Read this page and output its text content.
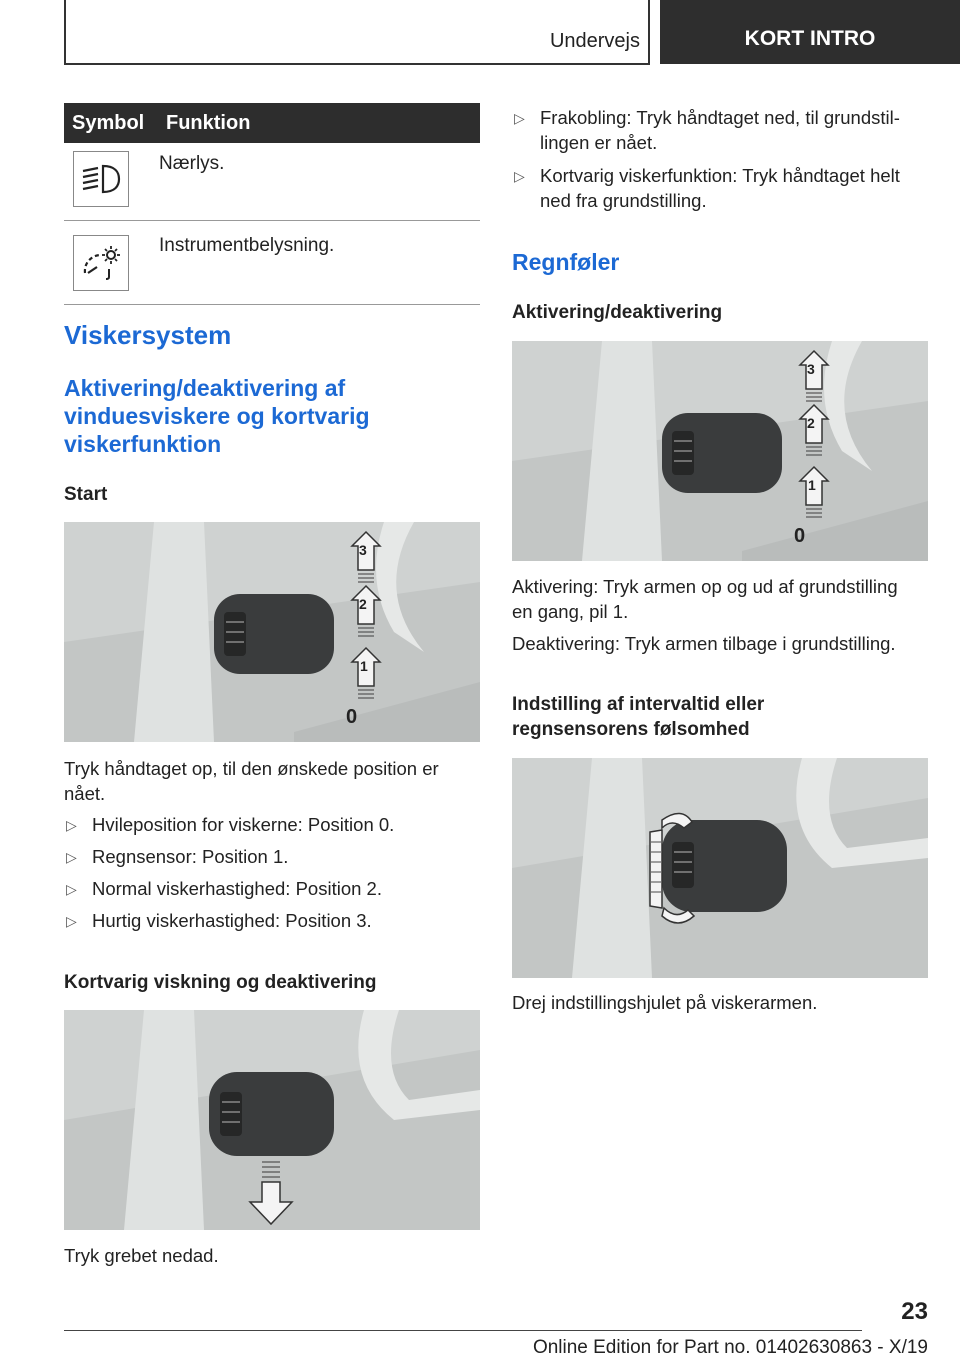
Undervejs	KORT INTRO
Symbol	Funktion

	Nærlys.

	Instrumentbelysning.
Viskersystem
Aktivering/deaktivering af
vinduesviskere og kortvarig
viskerfunktion
Start
3
2
1
0
Tryk håndtaget op, til den ønskede position er
nået.
▷ Hvileposition for viskerne: Position 0.
▷ Regnsensor: Position 1.
▷ Normal viskerhastighed: Position 2.
▷ Hurtig viskerhastighed: Position 3.
Kortvarig viskning og deaktivering
Tryk grebet nedad.
▷ Frakobling: Tryk håndtaget ned, til grundstil‐
lingen er nået.
▷ Kortvarig viskerfunktion: Tryk håndtaget helt
ned fra grundstilling.
Regnføler
Aktivering/deaktivering
3
2
1
0
Aktivering: Tryk armen op og ud af grundstilling
en gang, pil 1.
Deaktivering: Tryk armen tilbage i grundstilling.
Indstilling af intervaltid eller
regnsensorens følsomhed
Drej indstillingshjulet på viskerarmen.
23
Online Edition for Part no. 01402630863 - X/19
